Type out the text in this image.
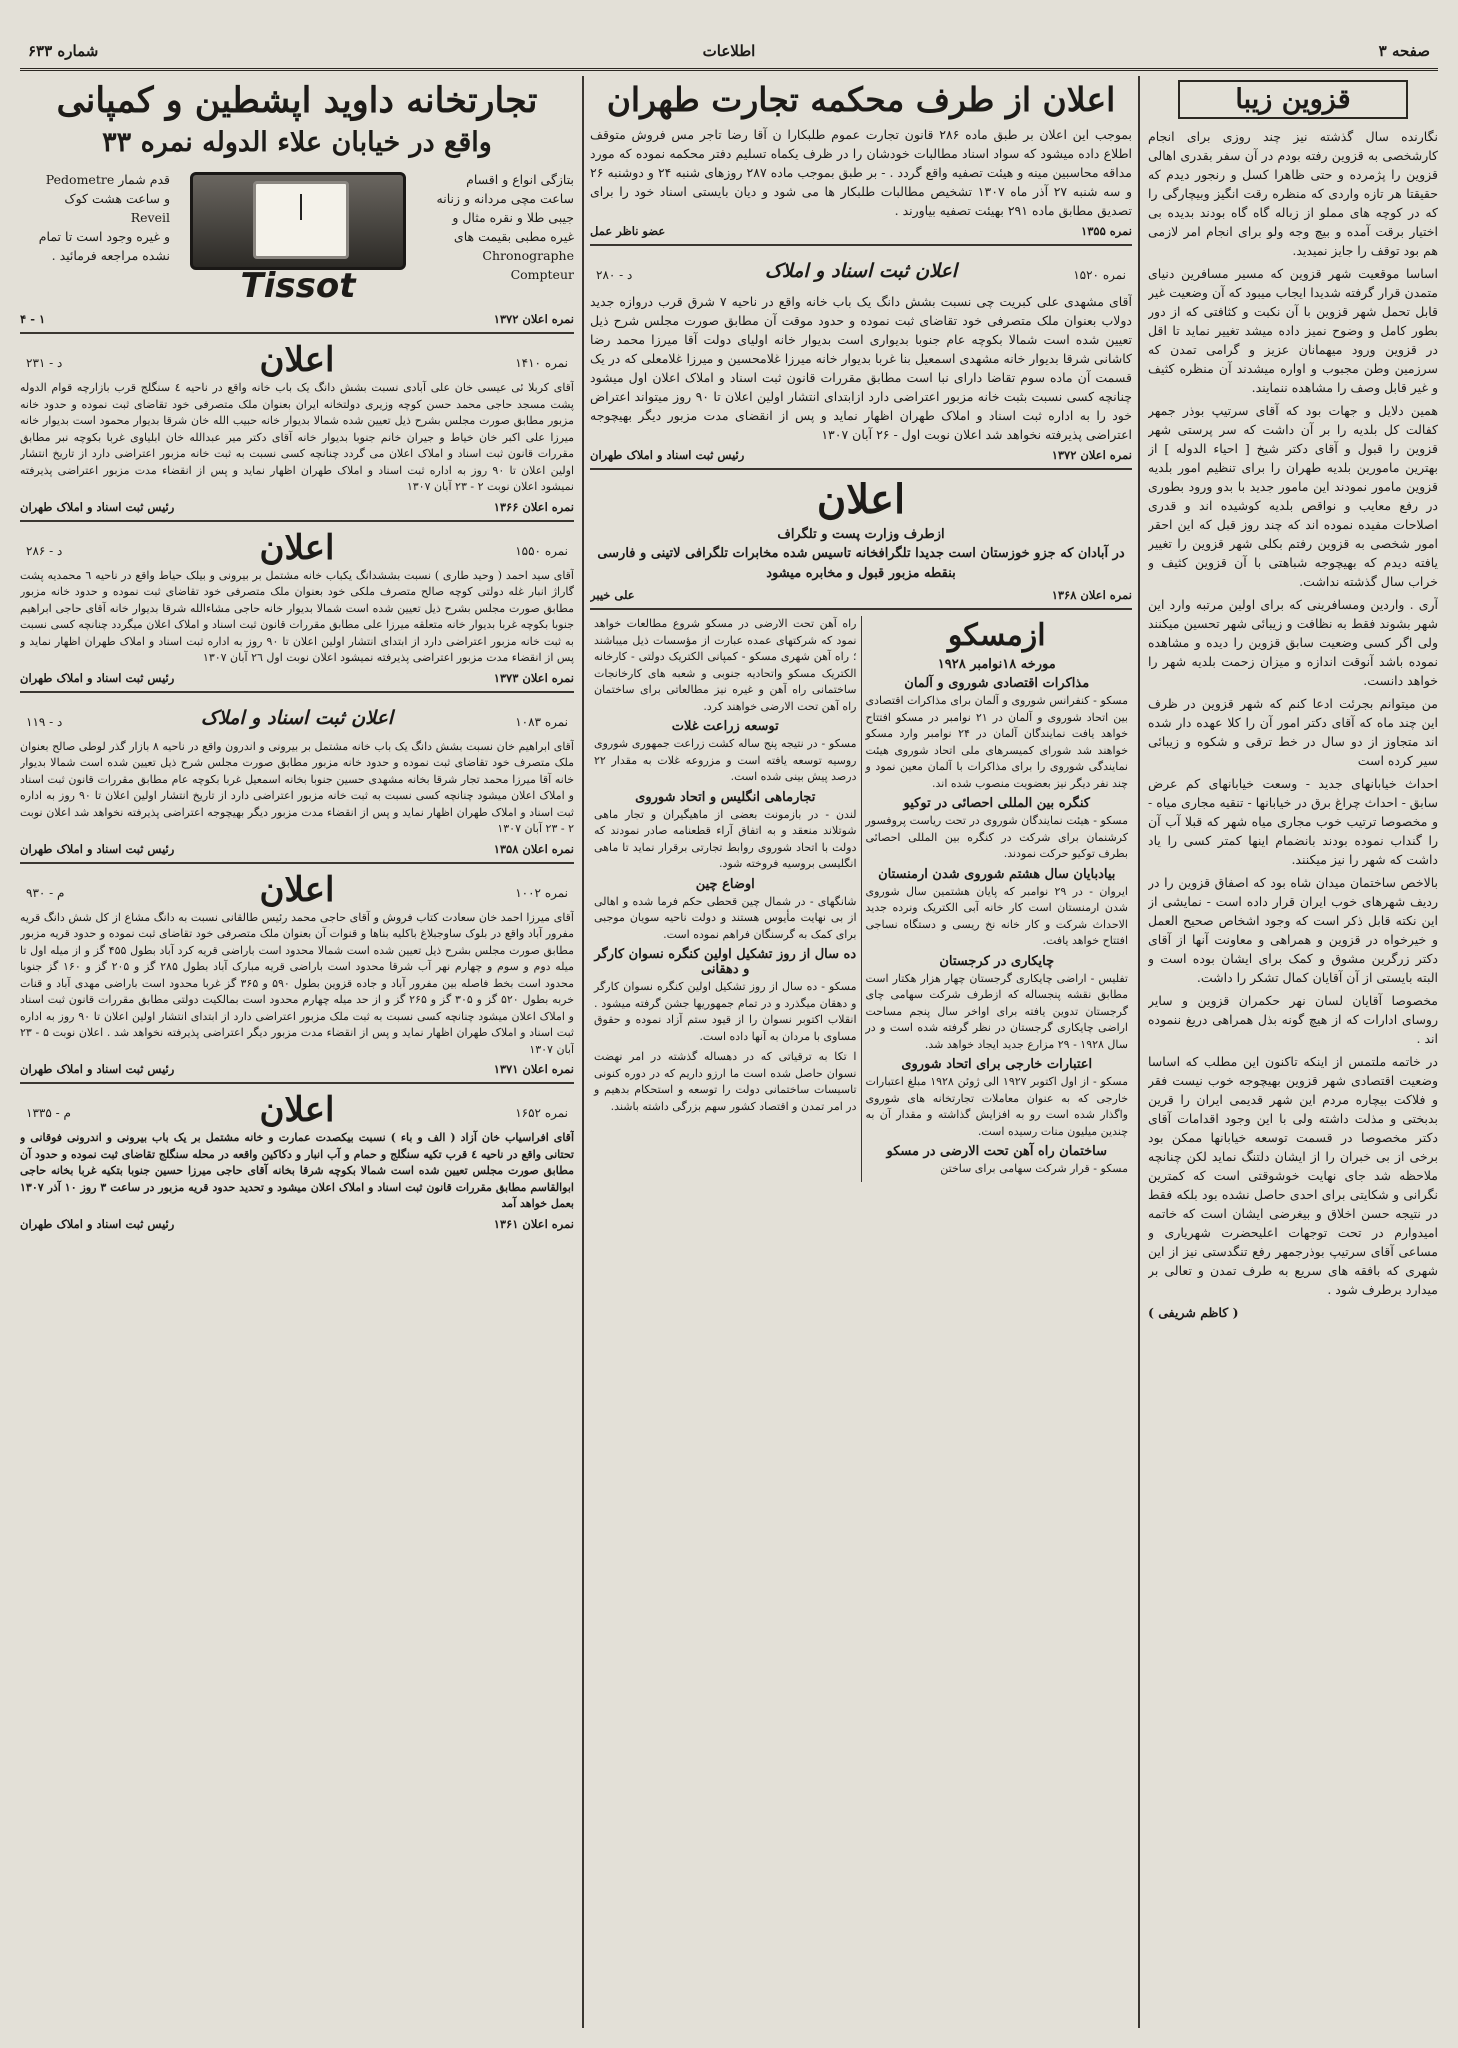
صفحه ۳
اطلاعات
شماره ۶۳۳
قزوین زیبا

نگارنده سال گذشته نیز چند روزی برای انجام کارشخصی به قزوین رفته بودم در آن سفر بقدری اهالی قزوین را پژمرده و حتی ظاهرا کسل و رنجور دیدم که حقیقتا هر تازه واردی که منظره رقت انگیز وبیچارگی را که در کوچه های مملو از زباله گاه گاه بودند بدیده بی اختیار برقت آمده و بیچ وجه ولو برای انجام امر لازمی هم بود توقف را جایز نمیدید.

اساسا موقعیت شهر قزوین که مسیر مسافرین دنیای متمدن قرار گرفته شدیدا ایجاب میبود که آن وضعیت غیر قابل تحمل شهر قزوین با آن نکبت و کثافتی که از دور بطور کامل و وضوح نمیز داده میشد تغییر نماید تا اقل در قزوین ورود میهمانان عزیز و گرامی تمدن که سرزمین وطن مجبوب و اواره میشدند آن منظره کثیف و غیر قابل وصف را مشاهده ننمایند.

همین دلایل و جهات بود که آقای سرتیپ بوذر جمهر کفالت کل بلدیه را بر آن داشت که سر پرستی شهر قزوین را قبول و آقای دکتر شیخ [ احیاء الدوله ] از بهترین مامورین بلدیه طهران را برای تنظیم امور بلدیه قزوین مامور نمودند این مامور جدید با بدو ورود بطوری در رفع معایب و نواقص بلدیه کوشیده اند و قدری اصلاحات مفیده نموده اند که چند روز قبل که این احقر امور شخصی به قزوین رفتم بکلی شهر قزوین را تغییر یافته دیدم که بهیچوجه شباهتی با آن قزوین کثیف و خراب سال گذشته نداشت.

آری . واردین ومسافرینی که برای اولین مرتبه وارد این شهر بشوند فقط به نظافت و زیبائی شهر تحسین میکنند ولی اگر کسی وضعیت سابق قزوین را دیده و مشاهده نموده باشد آنوقت اندازه و میزان زحمت بلدیه شهر را خواهد دانست.

من میتوانم بجرئت ادعا کنم که شهر قزوین در ظرف این چند ماه که آقای دکتر امور آن را کلا عهده دار شده اند متجاوز از دو سال در خط ترقی و شکوه و زیبائی سیر کرده است

احداث خیابانهای جدید - وسعت خیابانهای کم عرض سابق - احداث چراغ برق در خیابانها - تنقیه مجاری میاه - و مخصوصا ترتیب خوب مجاری میاه شهر که قبلا آب آن را گنداب نموده بودند بانضمام اینها کمتر کسی را یاد داشت که شهر را نیز میکنند.

بالاخص ساختمان میدان شاه بود که اصفاق قزوین را در ردیف شهرهای خوب ایران قرار داده است - نمایشی از این نکته قابل ذکر است که وجود اشخاص صحیح العمل و خیرخواه در قزوین و همراهی و معاونت آنها از آقای دکتر زرگرین مشوق و کمک برای ایشان بوده است و البته بایستی از آن آقایان کمال تشکر را داشت.

مخصوصا آقایان لسان نهر حکمران قزوین و سایر روسای ادارات که از هیچ گونه بذل همراهی دریغ ننموده اند .

در خاتمه ملتمس از اینکه تاکنون این مطلب که اساسا وضعیت اقتصادی شهر قزوین بهیچوجه خوب نیست فقر و فلاکت بیچاره مردم این شهر قدیمی ایران را قرین بدبختی و مذلت داشته ولی با این وجود اقدامات آقای دکتر مخصوصا در قسمت توسعه خیابانها ممکن بود برخی از بی خبران را از ایشان دلتنگ نماید لکن چنانچه ملاحظه شد جای نهایت خوشوقتی است که کمترین نگرانی و شکایتی برای احدی حاصل نشده بود بلکه فقط در نتیجه حسن اخلاق و بیغرضی ایشان است که خاتمه امیدوارم در تحت توجهات اعلیحضرت شهریاری و مساعی آقای سرتیپ بوذرجمهر رفع تنگدستی نیز از این شهری که بافقه های سریع به طرف تمدن و تعالی بر میدارد برطرف شود .

( کاظم شریفی )

اعلان از طرف محکمه تجارت طهران

بموجب این اعلان بر طبق ماده ۲۸۶ قانون تجارت عموم طلبکارا ن آقا رضا تاجر مس فروش متوقف اطلاع داده میشود که سواد اسناد مطالبات خودشان را در ظرف یکماه تسلیم دفتر محکمه نموده که مورد مداقه محاسبین مینه و هیئت تصفیه واقع گردد . - بر طبق بموجب ماده ۲۸۷ روزهای شنبه ۲۴ و دوشنبه ۲۶ و سه شنبه ۲۷ آذر ماه ۱۳۰۷ تشخیص مطالبات طلبکار ها می شود و دیان بایستی اسناد خود را برای تصدیق مطابق ماده ۲۹۱ بهیئت تصفیه بیاورند .

نمره ۱۳۵۵
عضو ناظر عمل
نمره ۱۵۲۰
اعلان ثبت اسناد و املاک
د - ۲۸۰

آقای مشهدی علی کبریت چی نسبت بشش دانگ یک باب خانه واقع در ناحیه ۷ شرق قرب دروازه جدید دولاب بعنوان ملک متصرفی خود تقاضای ثبت نموده و حدود موقت آن مطابق صورت مجلس شرح ذیل تعیین شده است شمالا بکوچه عام جنوبا بدیواری است بدیوار خانه اولیای دولت آقا میرزا محمد رضا کاشانی شرقا بدیوار خانه مشهدی اسمعیل بنا غربا بدیوار خانه میرزا غلامحسین و میرزا غلامعلی که در یک قسمت آن ماده سوم تقاضا دارای نبا است مطابق مقررات قانون ثبت اسناد و املاک اعلان اول میشود چنانچه کسی نسبت بثبت خانه مزبور اعتراضی دارد ازابتدای انتشار اولین اعلان تا ۹۰ روز میتواند اعتراض خود را به اداره ثبت اسناد و املاک طهران اظهار نماید و پس از انقضای مدت مزبور دیگر بهیچوجه اعتراضی پذیرفته نخواهد شد اعلان نوبت اول - ۲۶ آبان ۱۳۰۷

نمره اعلان ۱۳۷۲
رئیس ثبت اسناد و املاک طهران
اعلان
ازطرف وزارت پست و تلگراف

در آبادان که جزو خوزستان است جدیدا تلگرافخانه تاسیس شده مخابرات تلگرافی لاتینی و فارسی بنقطه مزبور قبول و مخابره میشود

نمره اعلان ۱۳۶۸
علی خیبر
ازمسکو
مورخه ۱۸نوامبر ۱۹۲۸
مذاکرات اقتصادی شوروی و آلمان

مسکو - کنفرانس شوروی و آلمان برای مذاکرات اقتصادی بین اتحاد شوروی و آلمان در ۲۱ نوامبر در مسکو افتتاح خواهد یافت نمایندگان آلمان در ۲۴ نوامبر وارد مسکو خواهند شد شورای کمیسرهای ملی اتحاد شوروی هیئت نمایندگی شوروی را برای مذاکرات با آلمان معین نمود و چند نفر دیگر نیز بعضویت منصوب شده اند.

کنگره بین المللی احصائی در توکیو

مسکو - هیئت نمایندگان شوروی در تحت ریاست پروفسور کرشنمان برای شرکت در کنگره بین المللی احصائی بطرف توکیو حرکت نمودند.

بیادبایان سال هشتم شوروی شدن ارمنستان

ایروان - در ۲۹ نوامبر که پایان هشتمین سال شوروی شدن ارمنستان است کار خانه آبی الکتریک ونرده جدید الاحداث شرکت و کار خانه نخ ریسی و دستگاه نساجی افتتاح خواهد یافت.

چایکاری در کرجستان

تفلیس - اراضی چایکاری گرجستان چهار هزار هکتار است مطابق نقشه پنجساله که ازطرف شرکت سهامی چای گرجستان تدوین یافته برای اواخر سال پنجم مساحت اراضی چایکاری گرجستان در نظر گرفته شده است و در سال ۱۹۲۸ - ۲۹ مزارع جدید ایجاد خواهد شد.

اعتبارات خارجی برای اتحاد شوروی

مسکو - از اول اکتوبر ۱۹۲۷ الی ژوئن ۱۹۲۸ مبلغ اعتبارات خارجی که به عنوان معاملات تجارتخانه های شوروی واگذار شده است رو به افزایش گذاشته و مقدار آن به چندین میلیون منات رسیده است.

ساختمان راه آهن تحت الارضی در مسکو

مسکو - قرار شرکت سهامی برای ساختن

راه آهن تحت الارضی در مسکو شروع مطالعات خواهد نمود که شرکتهای عمده عبارت از مؤسسات ذیل میباشند ؛ راه آهن شهری مسکو - کمپانی الکتریک دولتی - کارخانه الکتریک مسکو واتحادیه جنوبی و شعبه های کارخانجات ساختمانی راه آهن و غیره نیز مطالعاتی برای ساختمان راه آهن تحت الارضی خواهند کرد.

توسعه زراعت غلات

مسکو - در نتیجه پنج ساله کشت زراعت جمهوری شوروی روسیه توسعه یافته است و مزروعه غلات به مقدار ۲۲ درصد پیش بینی شده است.

تجارماهی انگلیس و اتحاد شوروی

لندن - در بازمونت بعضی از ماهیگیران و تجار ماهی شوتلاند منعقد و به اتفاق آراء قطعنامه صادر نمودند که دولت با اتحاد شوروی روابط تجارتی برقرار نماید تا ماهی انگلیسی بروسیه فروخته شود.

اوضاع چین

شانگهای - در شمال چین قحطی حکم فرما شده و اهالی از بی نهایت مأیوس هستند و دولت ناحیه سویان موجبی برای کمک به گرسنگان فراهم نموده است.

ده سال از روز تشکیل اولین کنگره نسوان کارگر و دهقانی

مسکو - ده سال از روز تشکیل اولین کنگره نسوان کارگر و دهقان میگذرد و در تمام جمهوریها جشن گرفته میشود . انقلاب اکتوبر نسوان را از قیود ستم آزاد نموده و حقوق مساوی با مردان به آنها داده است.

ا تکا به ترقیاتی که در دهساله گذشته در امر نهضت نسوان حاصل شده است ما ارزو داریم که در دوره کنونی تاسیسات ساختمانی دولت را توسعه و استحکام بدهیم و در امر تمدن و اقتصاد کشور سهم بزرگی داشته باشند.

تجارتخانه داوید اپشطین و کمپانی
واقع در خیابان علاء الدوله نمره ۳۳
بتازگی انواع و اقسام ساعت مچی مردانه و زنانه جیبی طلا و نقره مثال و غیره مطبی بقیمت های
Chronographe
Compteur
Tissot
قدم شمار Pedometre
و ساعت هشت کوک
Reveil
و غیره وجود است تا تمام نشده مراجعه فرمائید .
نمره اعلان ۱۳۷۲
۱ - ۴
نمره ۱۴۱۰
اعلان
د - ۲۳۱

آقای کربلا ئی عیسی خان علی آبادی نسبت بشش دانگ یک باب خانه واقع در ناحیه ٤ سنگلج قرب بازارچه قوام الدوله پشت مسجد حاجی محمد حسن کوچه وزیری دولتخانه ایران بعنوان ملک متصرفی خود تقاضای ثبت نموده و حدود خانه مزبور مطابق صورت مجلس بشرح ذیل تعیین شده شمالا بدیوار خانه حبیب الله خان شرقا بدیوار محمود است بدیوار خانه میرزا علی اکبر خان خیاط و جیران خانم جنوبا بدیوار خانه آقای دکتر میر عبدالله خان ابلیاوی غربا بکوچه نبر مطابق مقررات قانون ثبت اسناد و املاک اعلان می گردد چنانچه کسی نسبت به ثبت خانه مزبور اعتراضی دارد از تاریخ انتشار اولین اعلان تا ۹۰ روز به اداره ثبت اسناد و املاک طهران اظهار نماید و پس از انقضاء مدت مزبور اعتراضی پذیرفته نمیشود اعلان نوبت ۲ - ۲۳ آبان ۱۳۰۷

نمره اعلان ۱۳۶۶
رئیس ثبت اسناد و املاک طهران
نمره ۱۵۵۰
اعلان
د - ۲۸۶

آقای سید احمد ( وحید طاری ) نسبت بششدانگ یکباب خانه مشتمل بر بیرونی و بیلک حیاط واقع در ناحیه ٦ محمدیه پشت گاراژ انبار غله دولتی کوچه صالح متصرف ملکی خود بعنوان ملک متصرفی خود تقاضای ثبت نموده و حدود خانه مزبور مطابق صورت مجلس بشرح ذیل تعیین شده است شمالا بدیوار خانه حاجی مشاءالله شرقا بدیوار خانه آقای حاجی ابراهیم جنوبا بکوچه غربا بدیوار خانه متعلقه میرزا علی مطابق مقررات قانون ثبت اسناد و املاک اعلان میگردد چنانچه کسی نسبت به ثبت خانه مزبور اعتراضی دارد از ابتدای انتشار اولین اعلان تا ۹۰ روز به اداره ثبت اسناد و املاک طهران اظهار نماید و پس از انقضاء مدت مزبور اعتراضی پذیرفته نمیشود اعلان نوبت اول ۲٦ آبان ۱۳۰۷

نمره اعلان ۱۳۷۳
رئیس ثبت اسناد و املاک طهران
نمره ۱۰۸۳
اعلان ثبت اسناد و املاک
د - ۱۱۹

آقای ابراهیم خان نسبت بشش دانگ یک باب خانه مشتمل بر بیرونی و اندرون واقع در ناحیه ۸ بازار گذر لوطی صالح بعنوان ملک متصرف خود تقاضای ثبت نموده و حدود خانه مزبور مطابق صورت مجلس شرح ذیل تعیین شده است شمالا بدیوار خانه آقا میرزا محمد تجار شرقا بخانه مشهدی حسین جنوبا بخانه اسمعیل غربا بکوچه عام مطابق مقررات قانون ثبت اسناد و املاک اعلان میشود چنانچه کسی نسبت به ثبت خانه مزبور اعتراضی دارد از تاریخ انتشار اولین اعلان تا ۹۰ روز به اداره ثبت اسناد و املاک طهران اظهار نماید و پس از انقضاء مدت مزبور دیگر بهیچوجه اعتراضی پذیرفته نخواهد شد اعلان نوبت ۲ - ۲۳ آبان ۱۳۰۷

نمره اعلان ۱۳۵۸
رئیس ثبت اسناد و املاک طهران
نمره ۱۰۰۲
اعلان
م - ۹۳۰

آقای میرزا احمد خان سعادت کتاب فروش و آقای حاجی محمد رئیس طالقانی نسبت به دانگ مشاع از کل شش دانگ قریه مفرور آباد واقع در بلوک ساوجبلاغ باکلیه بناها و قنوات آن بعنوان ملک متصرفی خود تقاضای ثبت نموده و حدود قریه مزبور مطابق صورت مجلس بشرح ذیل تعیین شده است شمالا محدود است باراضی قریه کرد آباد بطول ۴۵۵ گز و از میله اول تا میله دوم و سوم و چهارم نهر آب شرقا محدود است باراضی قریه مبارک آباد بطول ۲۸۵ گز و ۲۰۵ گز و ۱۶۰ گز جنوبا محدود است بخط فاصله بین مفرور آباد و جاده قزوین بطول ۵۹۰ و ۳۶۵ گز غربا محدود است باراضی مهدی آباد و قنات خربه بطول ۵۲۰ گز و ۳۰۵ گز و ۲۶۵ گز و از حد میله چهارم محدود است بمالکیت دولتی مطابق مقررات قانون ثبت اسناد و املاک اعلان میشود چنانچه کسی نسبت به ثبت ملک مزبور اعتراضی دارد از ابتدای انتشار اولین اعلان تا ۹۰ روز به اداره ثبت اسناد و املاک طهران اظهار نماید و پس از انقضاء مدت مزبور دیگر اعتراضی پذیرفته نخواهد شد . اعلان نوبت ۵ - ۲۳ آبان ۱۳۰۷

نمره اعلان ۱۳۷۱
رئیس ثبت اسناد و املاک طهران
نمره ۱۶۵۲
اعلان
م - ۱۳۳۵

آقای افراسیاب خان آزاد ( الف و باء ) نسبت بیکصدت عمارت و خانه مشتمل بر یک باب بیرونی و اندرونی فوقانی و تحتانی واقع در ناحیه ٤ قرب تکیه سنگلج و حمام و آب انبار و دکاکین واقعه در محله سنگلج تقاضای ثبت نموده و حدود آن مطابق صورت مجلس تعیین شده است شمالا بکوچه شرقا بخانه آقای حاجی میرزا حسین جنوبا بتکیه غربا بخانه حاجی ابوالقاسم مطابق مقررات قانون ثبت اسناد و املاک اعلان میشود و تحدید حدود قریه مزبور در ساعت ۳ روز ۱۰ آذر ۱۳۰۷ بعمل خواهد آمد

نمره اعلان ۱۳۶۱
رئیس ثبت اسناد و املاک طهران
